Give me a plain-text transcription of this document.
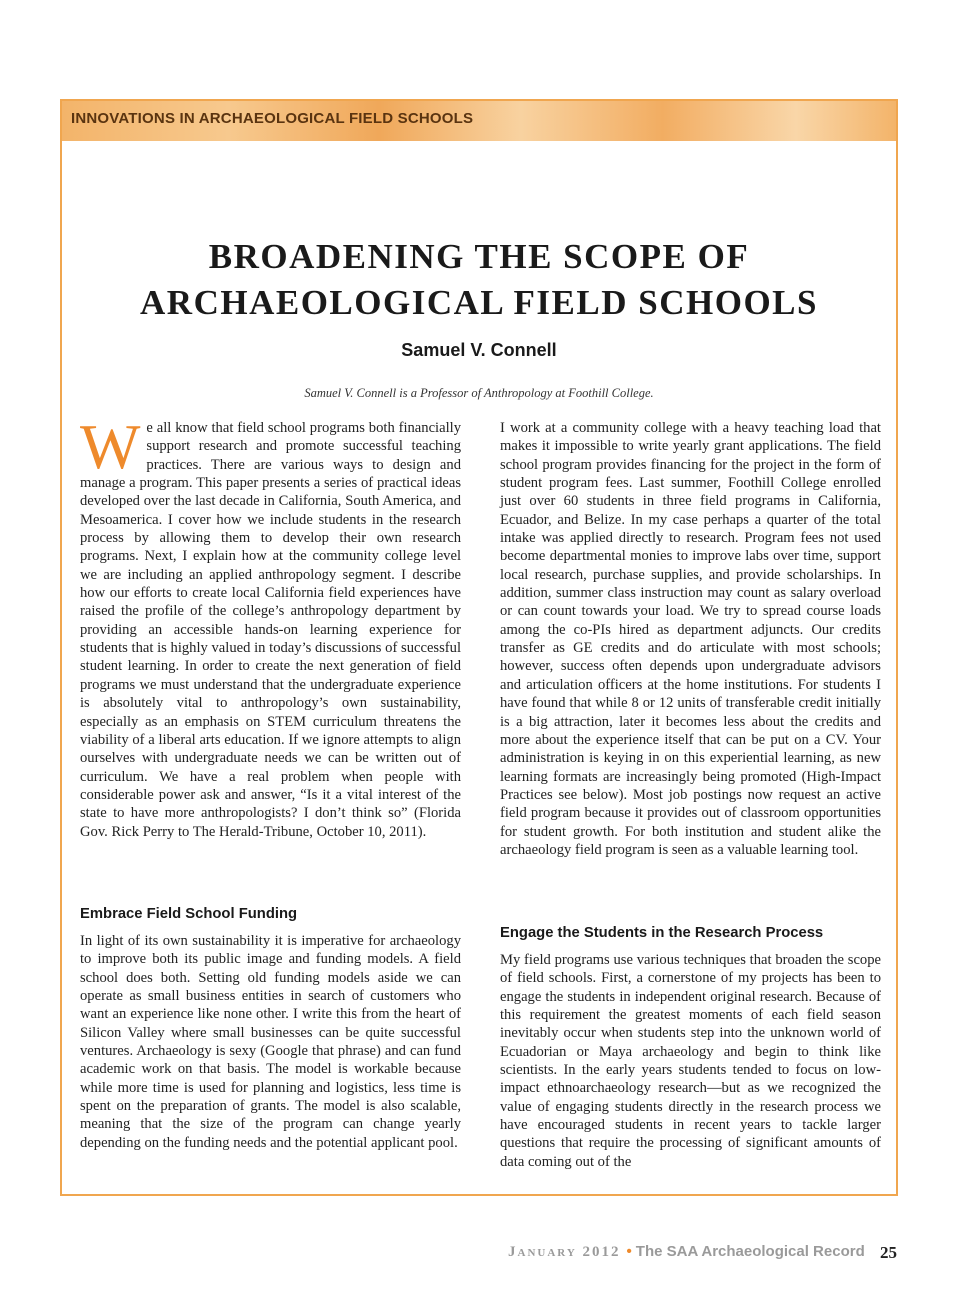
INNOVATIONS IN ARCHAEOLOGICAL FIELD SCHOOLS
BROADENING THE SCOPE OF
ARCHAEOLOGICAL FIELD SCHOOLS
Samuel V. Connell
Samuel V. Connell is a Professor of Anthropology at Foothill College.

We all know that field school programs both financially support research and promote successful teaching practices. There are various ways to design and manage a program. This paper presents a series of practical ideas developed over the last decade in California, South America, and Mesoamerica. I cover how we include students in the research process by allowing them to develop their own research programs. Next, I explain how at the community college level we are including an applied anthropology segment. I describe how our efforts to create local California field experiences have raised the profile of the college’s anthropology department by providing an accessible hands-on learning experience for students that is highly valued in today’s discussions of successful student learning. In order to create the next generation of field programs we must understand that the undergraduate experience is absolutely vital to anthropology’s own sustainability, especially as an emphasis on STEM curriculum threatens the viability of a liberal arts education. If we ignore attempts to align ourselves with undergraduate needs we can be written out of curriculum. We have a real problem when people with considerable power ask and answer, “Is it a vital interest of the state to have more anthropologists? I don’t think so” (Florida Gov. Rick Perry to The Herald-Tribune, October 10, 2011).

Embrace Field School Funding

In light of its own sustainability it is imperative for archaeology to improve both its public image and funding models. A field school does both. Setting old funding models aside we can operate as small business entities in search of customers who want an experience like none other. I write this from the heart of Silicon Valley where small businesses can be quite successful ventures. Archaeology is sexy (Google that phrase) and can fund academic work on that basis. The model is workable because while more time is used for planning and logistics, less time is spent on the preparation of grants. The model is also scalable, meaning that the size of the program can change yearly depending on the funding needs and the potential applicant pool.

I work at a community college with a heavy teaching load that makes it impossible to write yearly grant applications. The field school program provides financing for the project in the form of student program fees. Last summer, Foothill College enrolled just over 60 students in three field programs in California, Ecuador, and Belize. In my case perhaps a quarter of the total intake was applied directly to research. Program fees not used become departmental monies to improve labs over time, support local research, purchase supplies, and provide scholarships. In addition, summer class instruction may count as salary overload or can count towards your load. We try to spread course loads among the co-PIs hired as department adjuncts. Our credits transfer as GE credits and do articulate with most schools; however, success often depends upon undergraduate advisors and articulation officers at the home institutions. For students I have found that while 8 or 12 units of transferable credit initially is a big attraction, later it becomes less about the credits and more about the experience itself that can be put on a CV. Your administration is keying in on this experiential learning, as new learning formats are increasingly being promoted (High-Impact Practices see below). Most job postings now request an active field program because it provides out of classroom opportunities for student growth. For both institution and student alike the archaeology field program is seen as a valuable learning tool.

Engage the Students in the Research Process

My field programs use various techniques that broaden the scope of field schools. First, a cornerstone of my projects has been to engage the students in independent original research. Because of this requirement the greatest moments of each field season inevitably occur when students step into the unknown world of Ecuadorian or Maya archaeology and begin to think like scientists. In the early years students tended to focus on low-impact ethnoarchaeology research—but as we recognized the value of engaging students directly in the research process we have encouraged students in recent years to tackle larger questions that require the processing of significant amounts of data coming out of the

January 2012 • The SAA Archaeological Record 25
